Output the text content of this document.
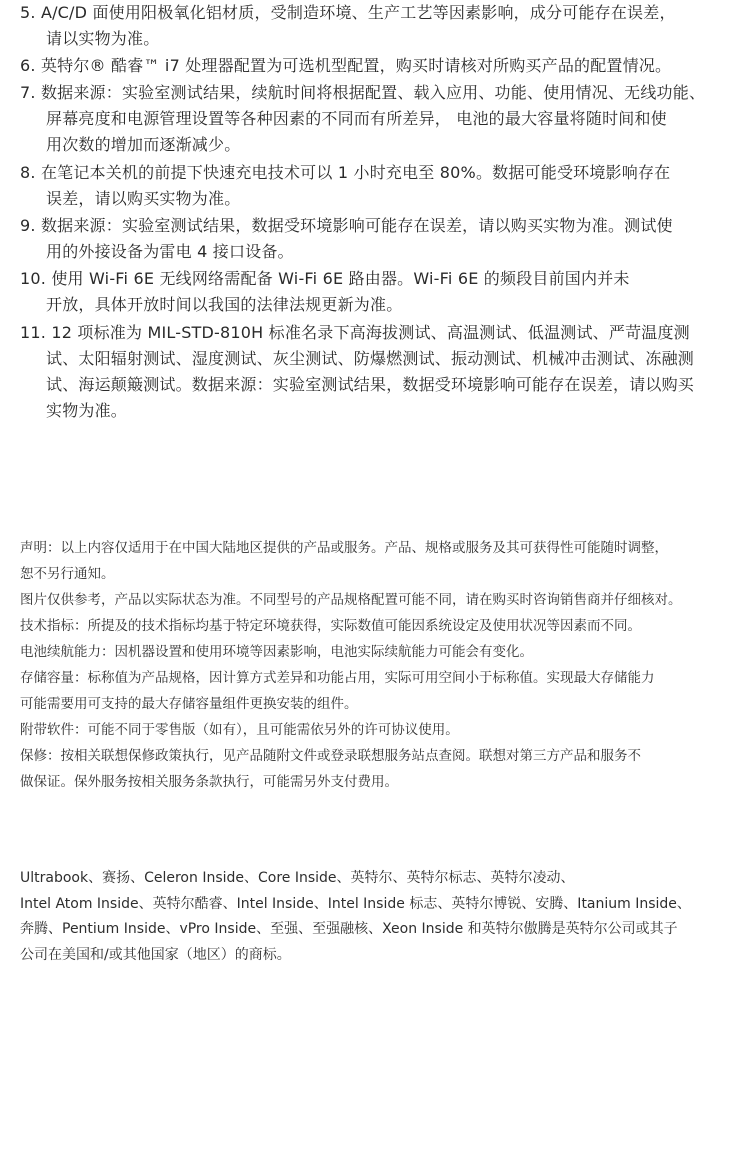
5. A/C/D 面使用阳极氧化铝材质，受制造环境、生产工艺等因素影响，成分可能存在误差，
请以实物为准。
6. 英特尔® 酷睿™ i7 处理器配置为可选机型配置，购买时请核对所购买产品的配置情况。
7. 数据来源：实验室测试结果，续航时间将根据配置、载入应用、功能、使用情况、无线功能、
屏幕亮度和电源管理设置等各种因素的不同而有所差异， 电池的最大容量将随时间和使
用次数的增加而逐渐减少。
8. 在笔记本关机的前提下快速充电技术可以 1 小时充电至 80%。数据可能受环境影响存在
误差，请以购买实物为准。
9. 数据来源：实验室测试结果，数据受环境影响可能存在误差，请以购买实物为准。测试使
用的外接设备为雷电 4 接口设备。
10. 使用 Wi-Fi 6E 无线网络需配备 Wi-Fi 6E 路由器。Wi-Fi 6E 的频段目前国内并未
开放，具体开放时间以我国的法律法规更新为准。
11. 12 项标准为 MIL-STD-810H 标准名录下高海拔测试、高温测试、低温测试、严苛温度测
试、太阳辐射测试、湿度测试、灰尘测试、防爆燃测试、振动测试、机械冲击测试、冻融测
试、海运颠簸测试。数据来源：实验室测试结果，数据受环境影响可能存在误差，请以购买
实物为准。

声明：以上内容仅适用于在中国大陆地区提供的产品或服务。产品、规格或服务及其可获得性可能随时调整，

恕不另行通知。

图片仅供参考，产品以实际状态为准。不同型号的产品规格配置可能不同，请在购买时咨询销售商并仔细核对。

技术指标：所提及的技术指标均基于特定环境获得，实际数值可能因系统设定及使用状况等因素而不同。

电池续航能力：因机器设置和使用环境等因素影响，电池实际续航能力可能会有变化。

存储容量：标称值为产品规格，因计算方式差异和功能占用，实际可用空间小于标称值。实现最大存储能力

可能需要用可支持的最大存储容量组件更换安装的组件。

附带软件：可能不同于零售版（如有），且可能需依另外的许可协议使用。

保修：按相关联想保修政策执行，见产品随附文件或登录联想服务站点查阅。联想对第三方产品和服务不

做保证。保外服务按相关服务条款执行，可能需另外支付费用。

Ultrabook、赛扬、Celeron Inside、Core Inside、英特尔、英特尔标志、英特尔凌动、

Intel Atom Inside、英特尔酷睿、Intel Inside、Intel Inside 标志、英特尔博锐、安腾、Itanium Inside、

奔腾、Pentium Inside、vPro Inside、至强、至强融核、Xeon Inside 和英特尔傲腾是英特尔公司或其子

公司在美国和/或其他国家（地区）的商标。
